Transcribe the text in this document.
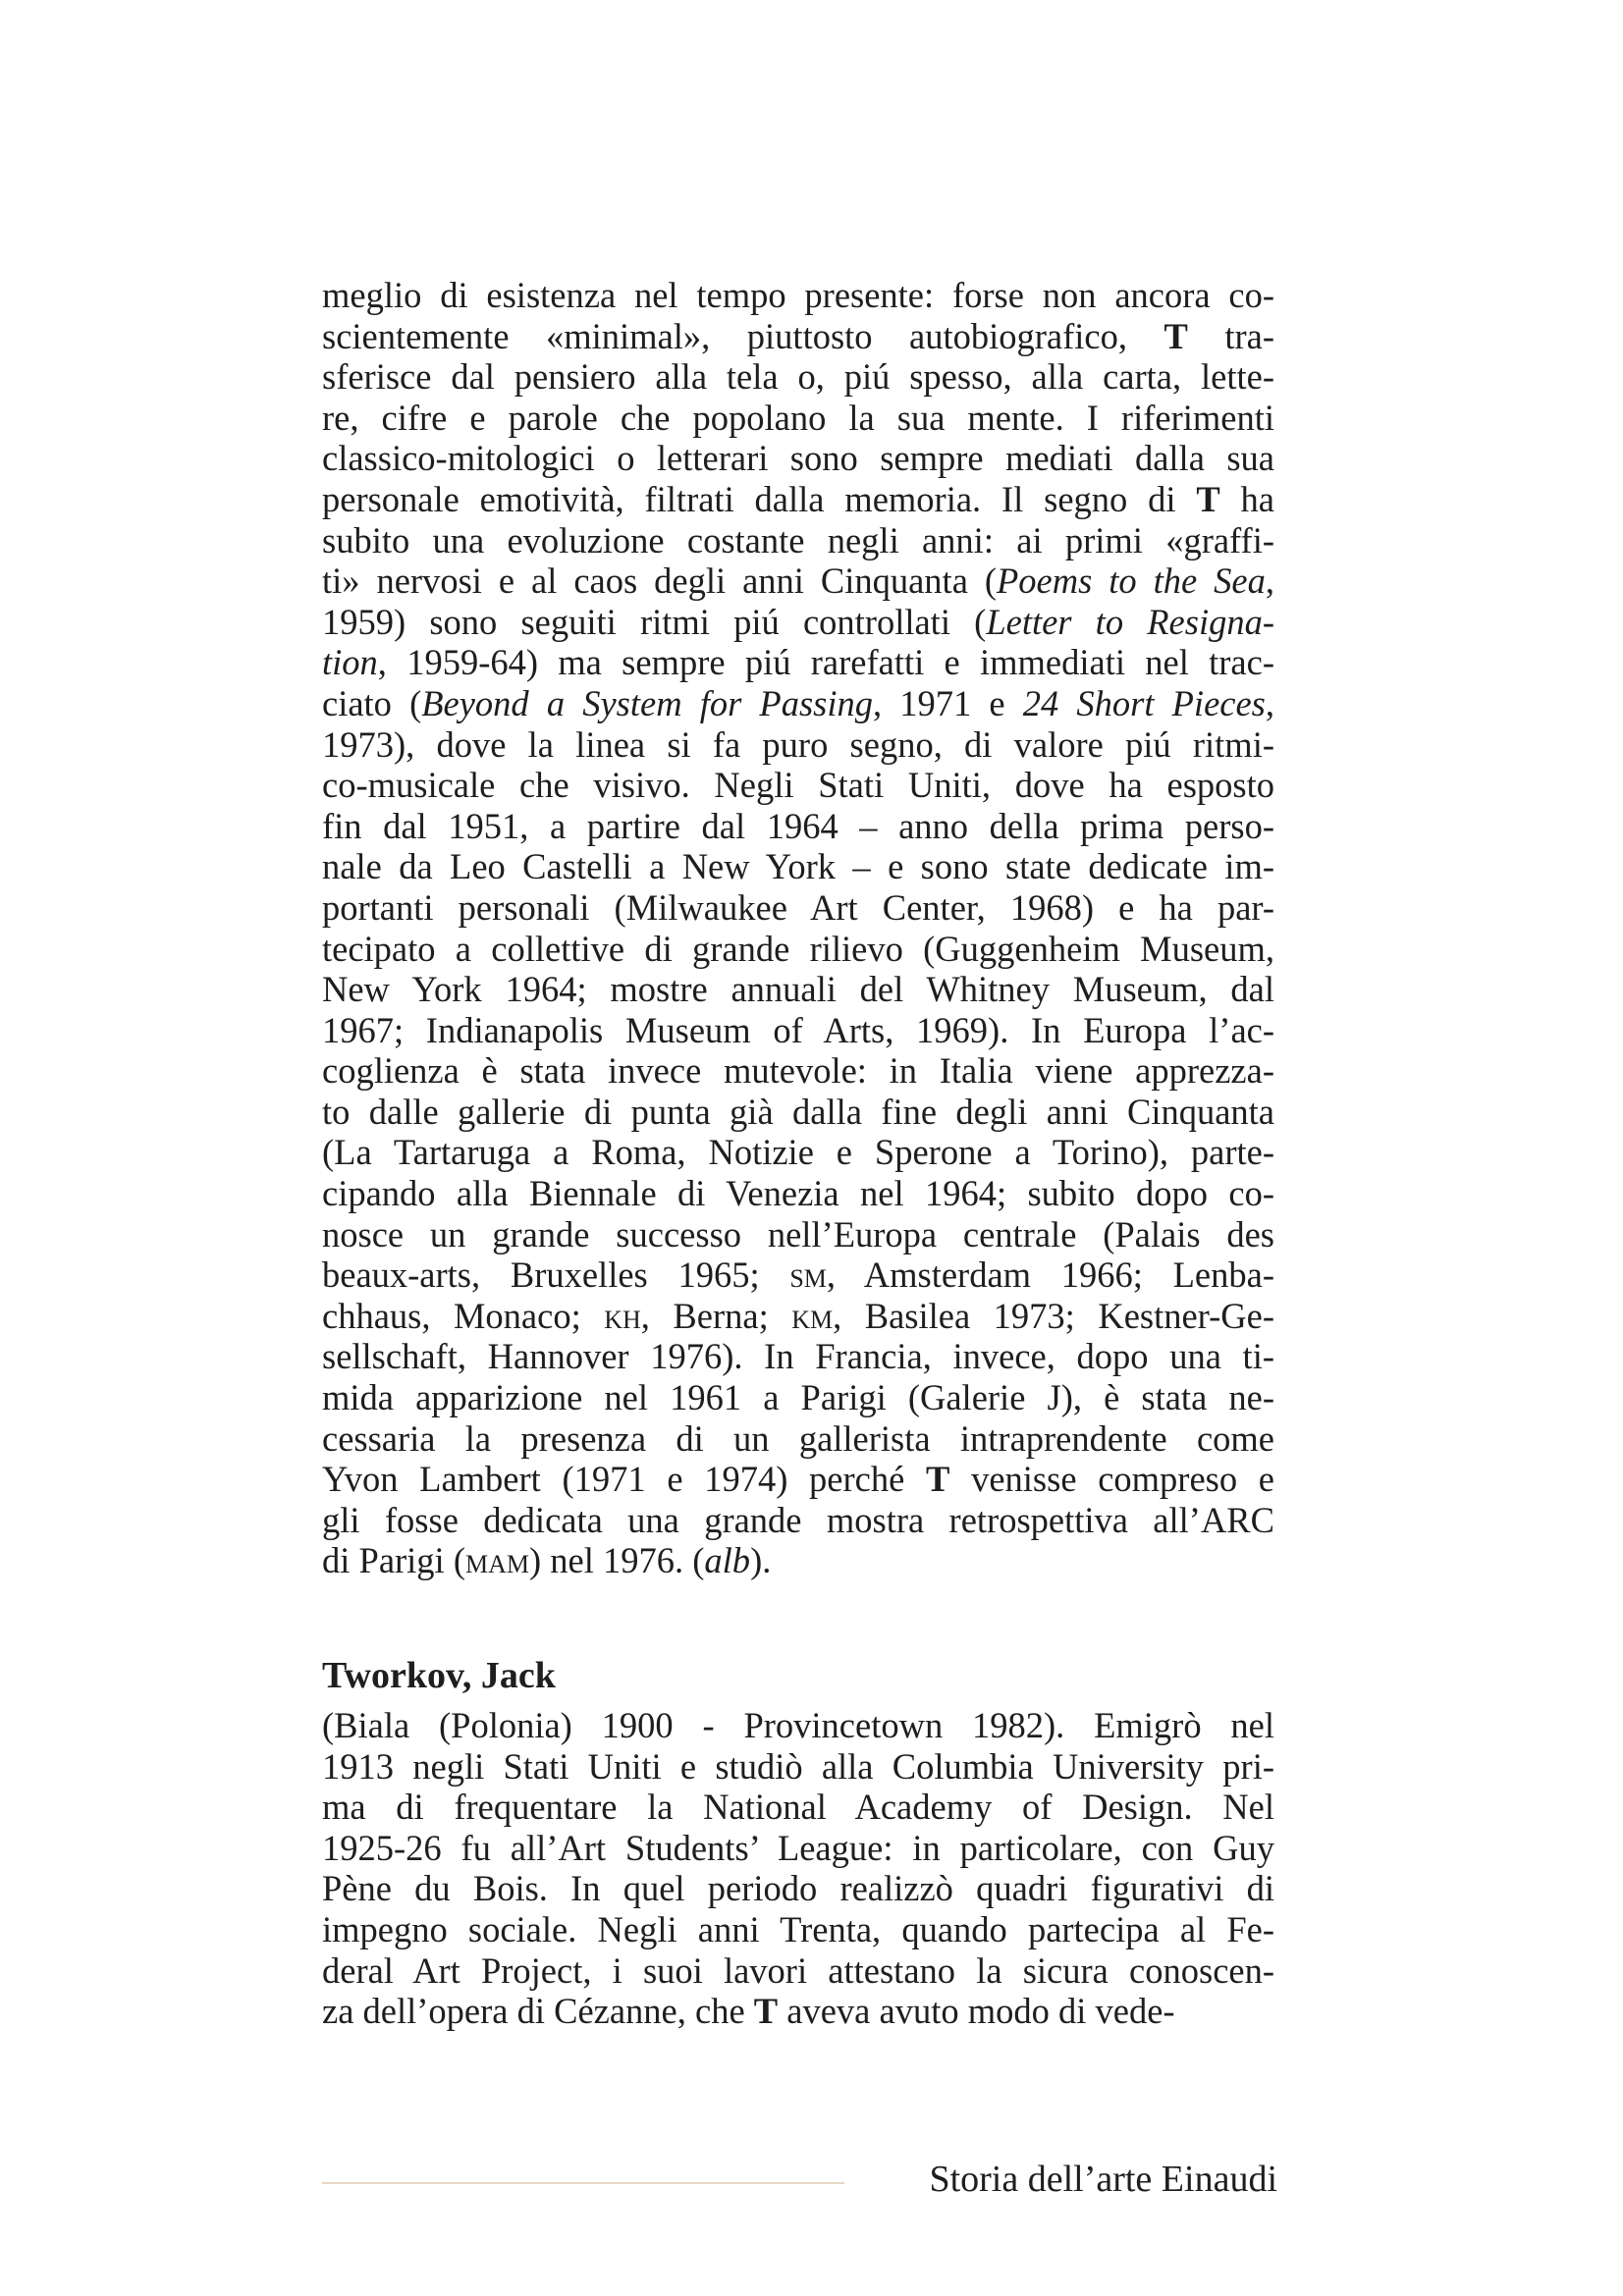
meglio di esistenza nel tempo presente: forse non ancora co-
scientemente «minimal», piuttosto autobiografico, T tra-
sferisce dal pensiero alla tela o, piú spesso, alla carta, lette-
re, cifre e parole che popolano la sua mente. I riferimenti
classico-mitologici o letterari sono sempre mediati dalla sua
personale emotività, filtrati dalla memoria. Il segno di T ha
subito una evoluzione costante negli anni: ai primi «graffi-
ti» nervosi e al caos degli anni Cinquanta (Poems to the Sea,
1959) sono seguiti ritmi piú controllati (Letter to Resigna-
tion, 1959-64) ma sempre piú rarefatti e immediati nel trac-
ciato (Beyond a System for Passing, 1971 e 24 Short Pieces,
1973), dove la linea si fa puro segno, di valore piú ritmi-
co-musicale che visivo. Negli Stati Uniti, dove ha esposto
fin dal 1951, a partire dal 1964 – anno della prima perso-
nale da Leo Castelli a New York – e sono state dedicate im-
portanti personali (Milwaukee Art Center, 1968) e ha par-
tecipato a collettive di grande rilievo (Guggenheim Museum,
New York 1964; mostre annuali del Whitney Museum, dal
1967; Indianapolis Museum of Arts, 1969). In Europa l’ac-
coglienza è stata invece mutevole: in Italia viene apprezza-
to dalle gallerie di punta già dalla fine degli anni Cinquanta
(La Tartaruga a Roma, Notizie e Sperone a Torino), parte-
cipando alla Biennale di Venezia nel 1964; subito dopo co-
nosce un grande successo nell’Europa centrale (Palais des
beaux-arts, Bruxelles 1965; sm, Amsterdam 1966; Lenba-
chhaus, Monaco; kh, Berna; km, Basilea 1973; Kestner-Ge-
sellschaft, Hannover 1976). In Francia, invece, dopo una ti-
mida apparizione nel 1961 a Parigi (Galerie J), è stata ne-
cessaria la presenza di un gallerista intraprendente come
Yvon Lambert (1971 e 1974) perché T venisse compreso e
gli fosse dedicata una grande mostra retrospettiva all’ARC
di Parigi (mam) nel 1976. (alb).
Tworkov, Jack
(Biala (Polonia) 1900 - Provincetown 1982). Emigrò nel
1913 negli Stati Uniti e studiò alla Columbia University pri-
ma di frequentare la National Academy of Design. Nel
1925-26 fu all’Art Students’ League: in particolare, con Guy
Pène du Bois. In quel periodo realizzò quadri figurativi di
impegno sociale. Negli anni Trenta, quando partecipa al Fe-
deral Art Project, i suoi lavori attestano la sicura conoscen-
za dell’opera di Cézanne, che T aveva avuto modo di vede-
Storia dell’arte Einaudi
